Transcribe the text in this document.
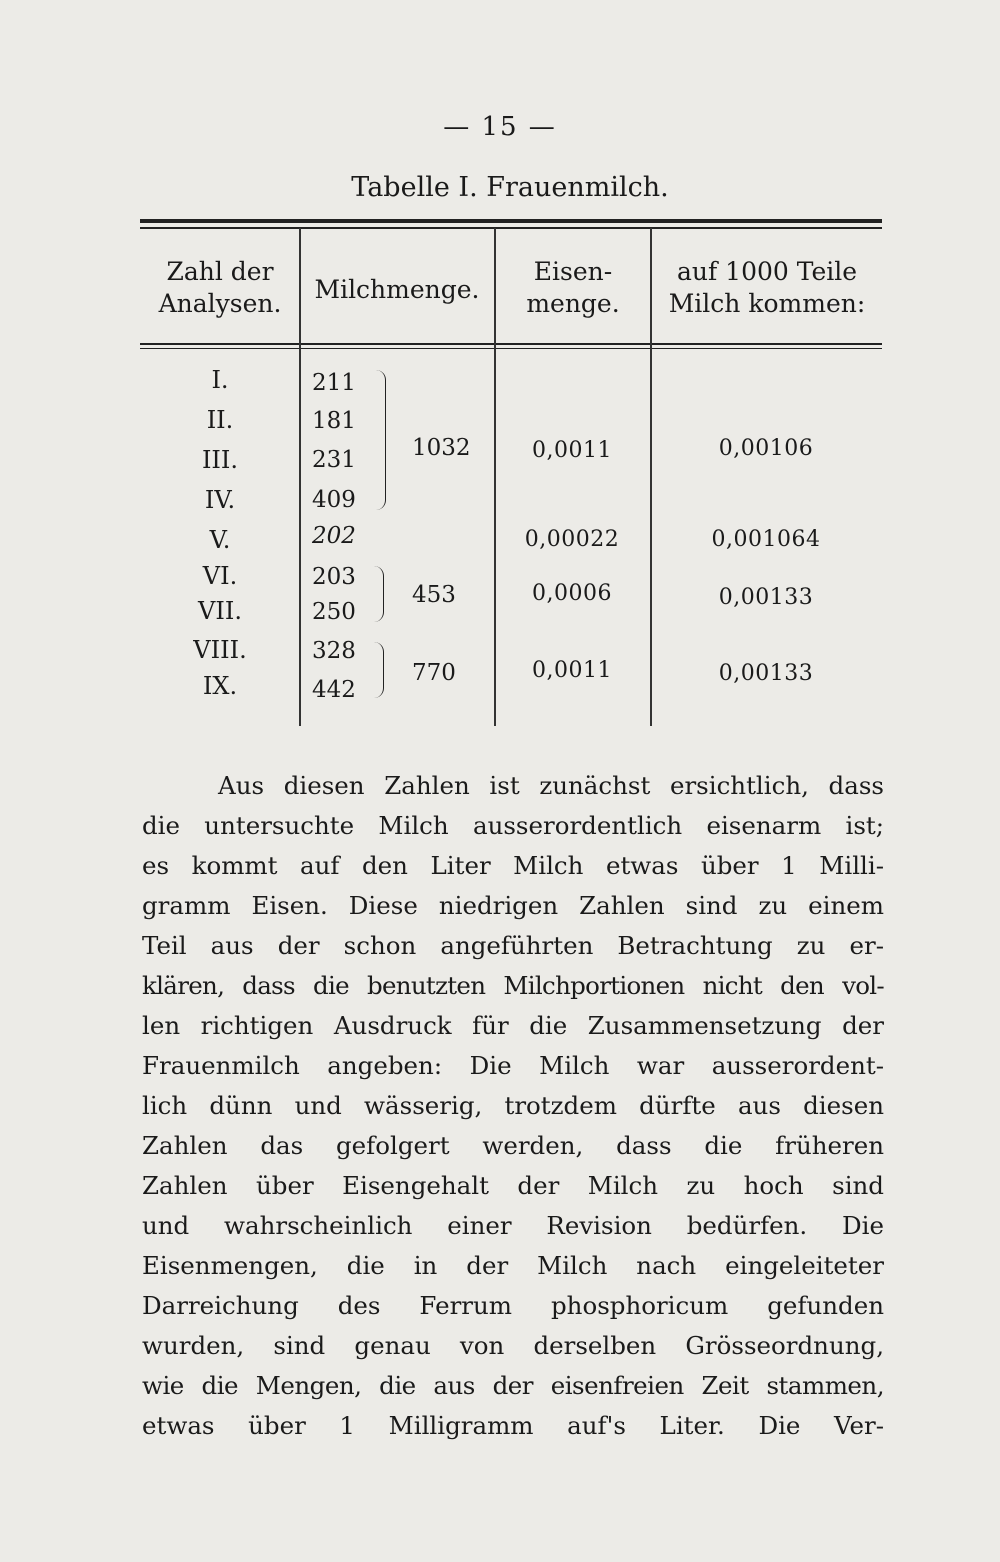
— 15 —
Tabelle I. Frauenmilch.
Zahl der
Analysen.	Milchmenge.
Eisen-
menge.
auf 1000 Teile
Milch kommen:
I.
II.
III.
IV.
V.
VI.
VII.
VIII.
IX.
211
181
231
409
202
203
250
328
442
1032
453
770
0,0011
0,00022
0,0006
0,0011
0,00106
0,001064
0,00133
0,00133
Aus diesen Zahlen ist zunächst ersichtlich, dass
die untersuchte Milch ausserordentlich eisenarm ist;
es kommt auf den Liter Milch etwas über 1 Milli-
gramm Eisen. Diese niedrigen Zahlen sind zu einem
Teil aus der schon angeführten Betrachtung zu er-
klären, dass die benutzten Milchportionen nicht den vol-
len richtigen Ausdruck für die Zusammensetzung der
Frauenmilch angeben: Die Milch war ausserordent-
lich dünn und wässerig, trotzdem dürfte aus diesen
Zahlen das gefolgert werden, dass die früheren
Zahlen über Eisengehalt der Milch zu hoch sind
und wahrscheinlich einer Revision bedürfen. Die
Eisenmengen, die in der Milch nach eingeleiteter
Darreichung des Ferrum phosphoricum gefunden
wurden, sind genau von derselben Grösseordnung,
wie die Mengen, die aus der eisenfreien Zeit stammen,
etwas über 1 Milligramm auf's Liter. Die Ver-
